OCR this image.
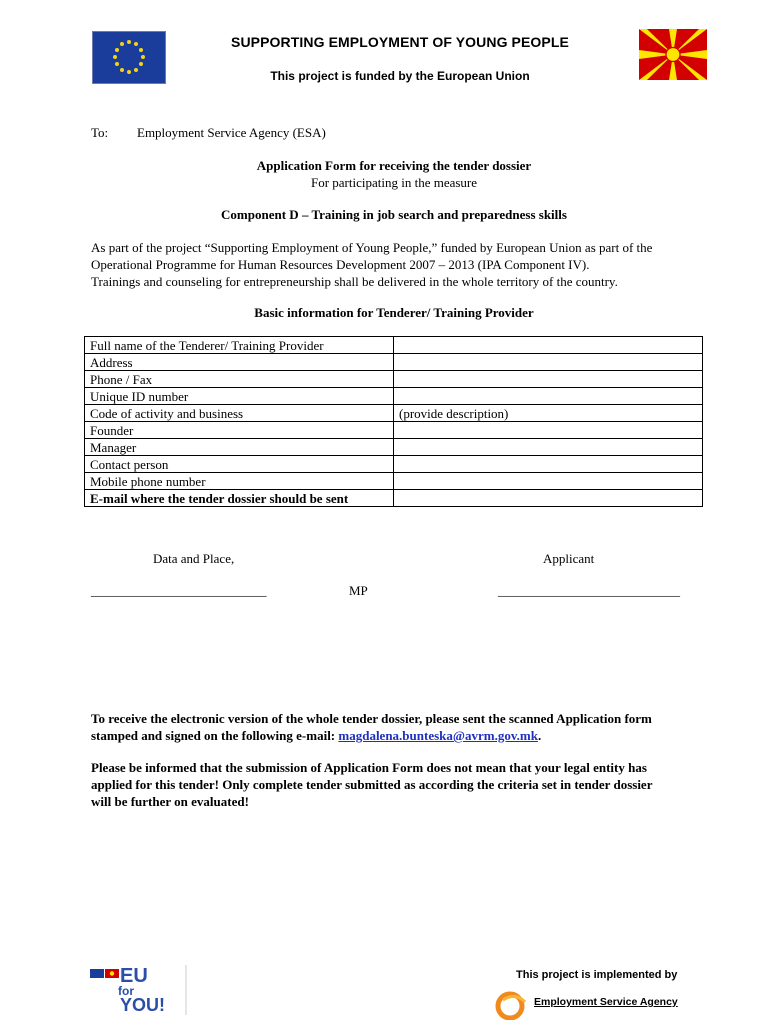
SUPPORTING EMPLOYMENT OF YOUNG PEOPLE
This project is funded by the European Union
To: Employment Service Agency (ESA)
Application Form for receiving the tender dossier
For participating in the measure
Component D – Training in job search and preparedness skills
As part of the project “Supporting Employment of Young People,” funded by European Union as part of the
Operational Programme for Human Resources Development 2007 – 2013 (IPA Component IV).
Trainings and counseling for entrepreneurship shall be delivered in the whole territory of the country.
Basic information for Tenderer/ Training Provider
Full name of the Tenderer/ Training Provider	
Address	
Phone / Fax	
Unique ID number	
Code of activity and business	(provide description)
Founder	
Manager	
Contact person	
Mobile phone number	
E-mail where the tender dossier should be sent	
Data and Place,	Applicant
___________________________	MP	____________________________
To receive the electronic version of the whole tender dossier, please sent the scanned Application form
stamped and signed on the following e-mail: magdalena.bunteska@avrm.gov.mk.
Please be informed that the submission of Application Form does not mean that your legal entity has
applied for this tender! Only complete tender submitted as according the criteria set in tender dossier
will be further on evaluated!
EU
for
YOU!
This project is implemented by
Employment Service Agency
